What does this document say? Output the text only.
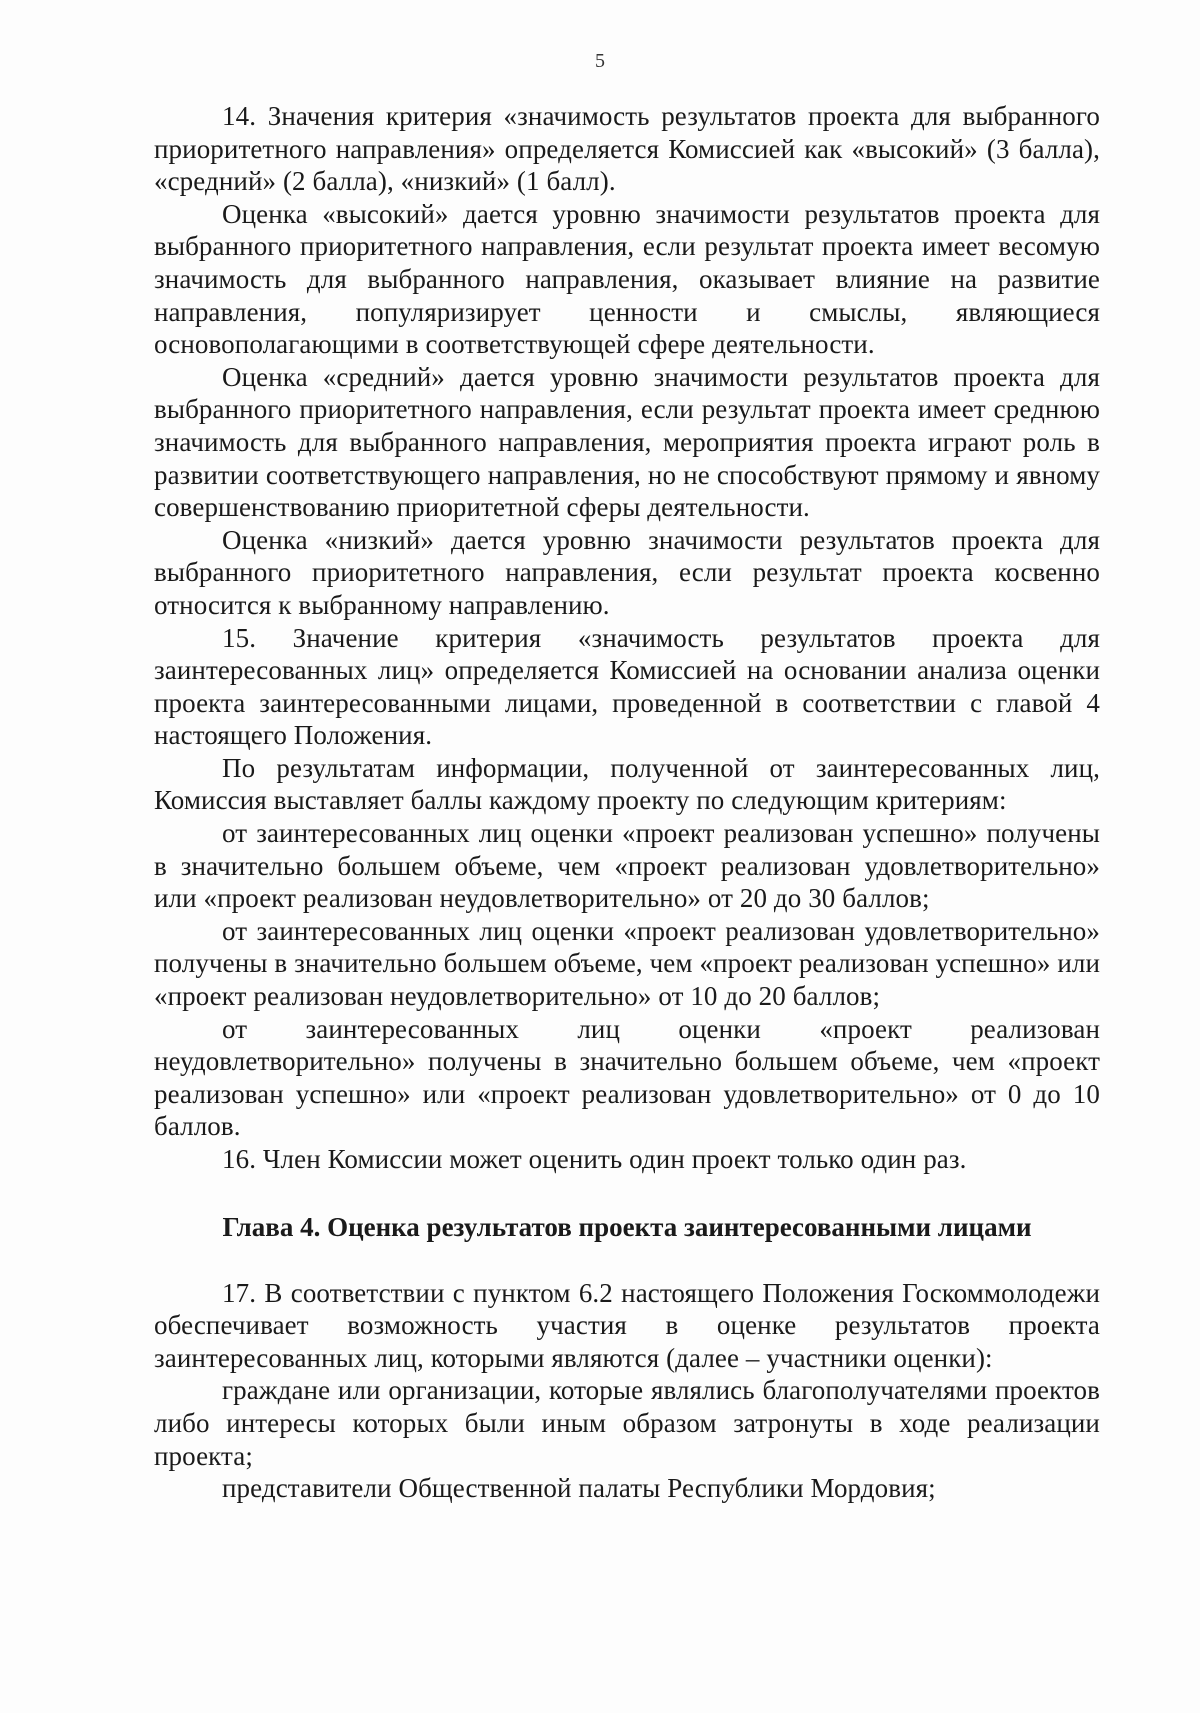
5

14. Значения критерия «значимость результатов проекта для выбранного приоритетного направления» определяется Комиссией как «высокий» (3 балла), «средний» (2 балла), «низкий» (1 балл).

Оценка «высокий» дается уровню значимости результатов проекта для выбранного приоритетного направления, если результат проекта имеет весомую значимость для выбранного направления, оказывает влияние на развитие направления, популяризирует ценности и смыслы, являющиеся основополагающими в соответствующей сфере деятельности.

Оценка «средний» дается уровню значимости результатов проекта для выбранного приоритетного направления, если результат проекта имеет среднюю значимость для выбранного направления, мероприятия проекта играют роль в развитии соответствующего направления, но не способствуют прямому и явному совершенствованию приоритетной сферы деятельности.

Оценка «низкий» дается уровню значимости результатов проекта для выбранного приоритетного направления, если результат проекта косвенно относится к выбранному направлению.

15. Значение критерия «значимость результатов проекта для заинтересованных лиц» определяется Комиссией на основании анализа оценки проекта заинтересованными лицами, проведенной в соответствии с главой 4 настоящего Положения.

По результатам информации, полученной от заинтересованных лиц, Комиссия выставляет баллы каждому проекту по следующим критериям:

от заинтересованных лиц оценки «проект реализован успешно» получены в значительно большем объеме, чем «проект реализован удовлетворительно» или «проект реализован неудовлетворительно» от 20 до 30 баллов;

от заинтересованных лиц оценки «проект реализован удовлетворительно» получены в значительно большем объеме, чем «проект реализован успешно» или «проект реализован неудовлетворительно» от 10 до 20 баллов;

от заинтересованных лиц оценки «проект реализован неудовлетворительно» получены в значительно большем объеме, чем «проект реализован успешно» или «проект реализован удовлетворительно» от 0 до 10 баллов.

16. Член Комиссии может оценить один проект только один раз.

Глава 4. Оценка результатов проекта заинтересованными лицами

17. В соответствии с пунктом 6.2 настоящего Положения Госкоммолодежи обеспечивает возможность участия в оценке результатов проекта заинтересованных лиц, которыми являются (далее – участники оценки):

граждане или организации, которые являлись благополучателями проектов либо интересы которых были иным образом затронуты в ходе реализации проекта;

представители Общественной палаты Республики Мордовия;
